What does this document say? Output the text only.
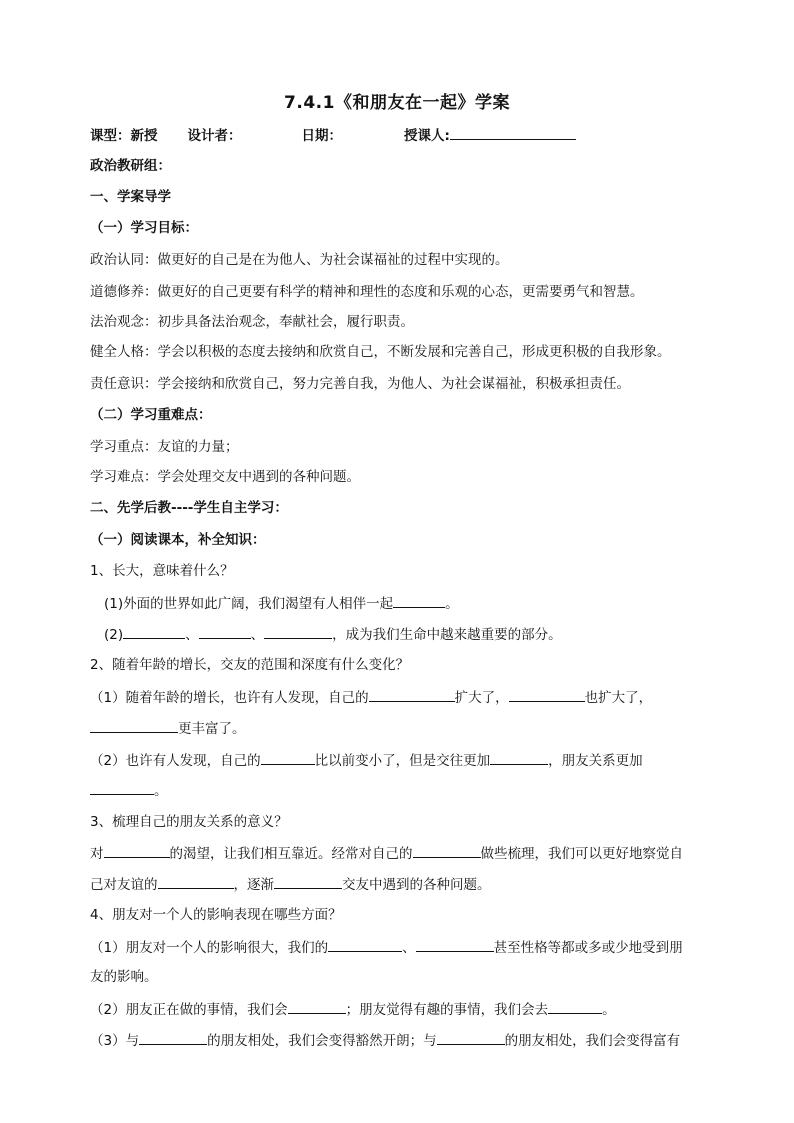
7.4.1《和朋友在一起》学案
课型：新授 设计者：	日期：	授课人:
政治教研组：
一、学案导学
（一）学习目标：
政治认同：做更好的自己是在为他人、为社会谋福祉的过程中实现的。
道德修养：做更好的自己更要有科学的精神和理性的态度和乐观的心态，更需要勇气和智慧。
法治观念：初步具备法治观念，奉献社会，履行职责。
健全人格：学会以积极的态度去接纳和欣赏自己，不断发展和完善自己，形成更积极的自我形象。
责任意识：学会接纳和欣赏自己，努力完善自我，为他人、为社会谋福祉，积极承担责任。
（二）学习重难点：
学习重点：友谊的力量；
学习难点：学会处理交友中遇到的各种问题。
二、先学后教----学生自主学习：
（一）阅读课本，补全知识：
1、长大，意味着什么？
(1)外面的世界如此广阔，我们渴望有人相伴一起	。
(2)	、	、	，成为我们生命中越来越重要的部分。
2、随着年龄的增长，交友的范围和深度有什么变化？
（1）随着年龄的增长，也许有人发现，自己的	扩大了，	也扩大了，
更丰富了。
（2）也许有人发现，自己的	比以前变小了，但是交往更加	，朋友关系更加
。
3、梳理自己的朋友关系的意义？
对	的渴望，让我们相互靠近。经常对自己的	做些梳理，我们可以更好地察觉自
己对友谊的	，逐渐	交友中遇到的各种问题。
4、朋友对一个人的影响表现在哪些方面？
（1）朋友对一个人的影响很大，我们的	、	甚至性格等都或多或少地受到朋
友的影响。
（2）朋友正在做的事情，我们会	；朋友觉得有趣的事情，我们会去	。
（3）与	的朋友相处，我们会变得豁然开朗；与	的朋友相处，我们会变得富有
